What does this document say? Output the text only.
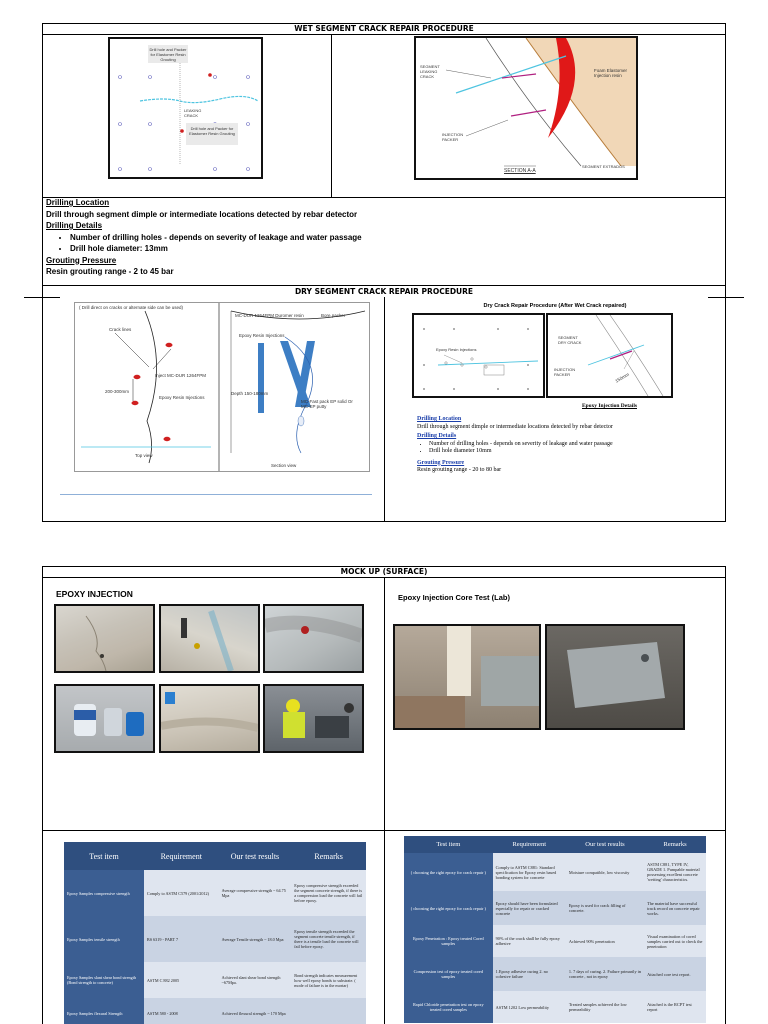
WET SEGMENT CRACK REPAIR PROCEDURE
Drill hole and Packer for Elastomer Resin Grouting
LEAKING CRACK
Drill hole and Packer for Elastomer Resin Grouting
SEGMENT LEAKING CRACK
Foam Elastomer Injection resin
INJECTION PACKER
SEGMENT EXTRADOS
SECTION A-A
Drilling Location
Drill through segment dimple or intermediate locations detected by rebar detector
Drilling Details
• Number of drilling holes - depends on severity of leakage and water passage
• Drill hole diameter: 13mm
Grouting Pressure
Resin grouting range - 2 to 45 bar
DRY SEGMENT CRACK REPAIR PROCEDURE
( Drill direct on cracks or alternate side can be used)
Crack lines
Inject MC-DUR 1264FPM
200-300mm
Epoxy Resin Injections
Top view
MC-DUR 1264FPM Duromer resin	Bore packer
Epoxy Resin Injections
Depth 150-180mm
MC-Fast pack EP solid Or MC-EP putty
Section view
Dry Crack Repair Procedure (After Wet Crack repaired)
Epoxy Resin Injections
SEGMENT DRY CRACK
INJECTION PACKER	150mm
Epoxy Injection Details
Drilling Location
Drill through segment dimple or intermediate locations detected by rebar detector
Drilling Details
• Number of drilling holes - depends on severity of leakage and water passage
• Drill hole diameter 10mm
Grouting Pressure
Resin grouting range - 20 to 80 bar
MOCK UP (SURFACE)
EPOXY INJECTION	Epoxy Injection Core Test (Lab)
Test item	Requirement	Our test results	Remarks
Epoxy Samples compressive strength	Comply to ASTM C579 (2001/2012)	Average compressive strength ~ 64.75 Mpa	Epoxy compressive strength exceeded the segment concrete strength, if there is a compression load the concrete will fail before epoxy.
Epoxy Samples tensile strength	BS 6319 - PART 7	Average Tensile strength ~ 18.0 Mpa	Epoxy tensile strength exceeded the segment concrete tensile strength, if there is a tensile load the concrete will fail before epoxy.
Epoxy Samples slant shear bond strength (Bond strength to concrete)	ASTM C 882 2005	Achieved slant shear bond strength ~67Mpa.	Bond strength indicates measurement how well epoxy bonds to substrate. ( mode of failure is in the mortar)
Epoxy Samples flexural Strength	ASTM 580 - 2008	Achieved flexural strength ~ 170 Mpa	
Test item	Requirement	Our test results	Remarks
( choosing the right epoxy for crack repair )	Comply to ASTM C881: Standard specification for Epoxy resin based bonding system for concrete	Moisture compatible, low viscosity	ASTM C881, TYPE IV, GRADE 1. Pumpable material possessing excellent concrete 'wetting' characteristics.
( choosing the right epoxy for crack repair )	Epoxy should have been formulated especially for repair or cracked concrete	Epoxy is used for crack filling of concrete.	The material have successful track record on concrete repair works.
Epoxy Penetration : Epoxy treated Cored samples	90% of the crack shall be fully epoxy adhesive	Achieved 90% penetration	Visual examination of cored samples carried out to check the penetration
Compression test of epoxy treated cored samples	1.Epoxy adhesive curing 2. no cohesive failure	1. 7 days of curing. 2. Failure primarily in concrete , not in epoxy	Attached core test report.
Rapid Chloride penetration test on epoxy treated cored samples	ASTM 1202 Low permeability	Treated samples achieved the low permeability	Attached is the RCPT test report
